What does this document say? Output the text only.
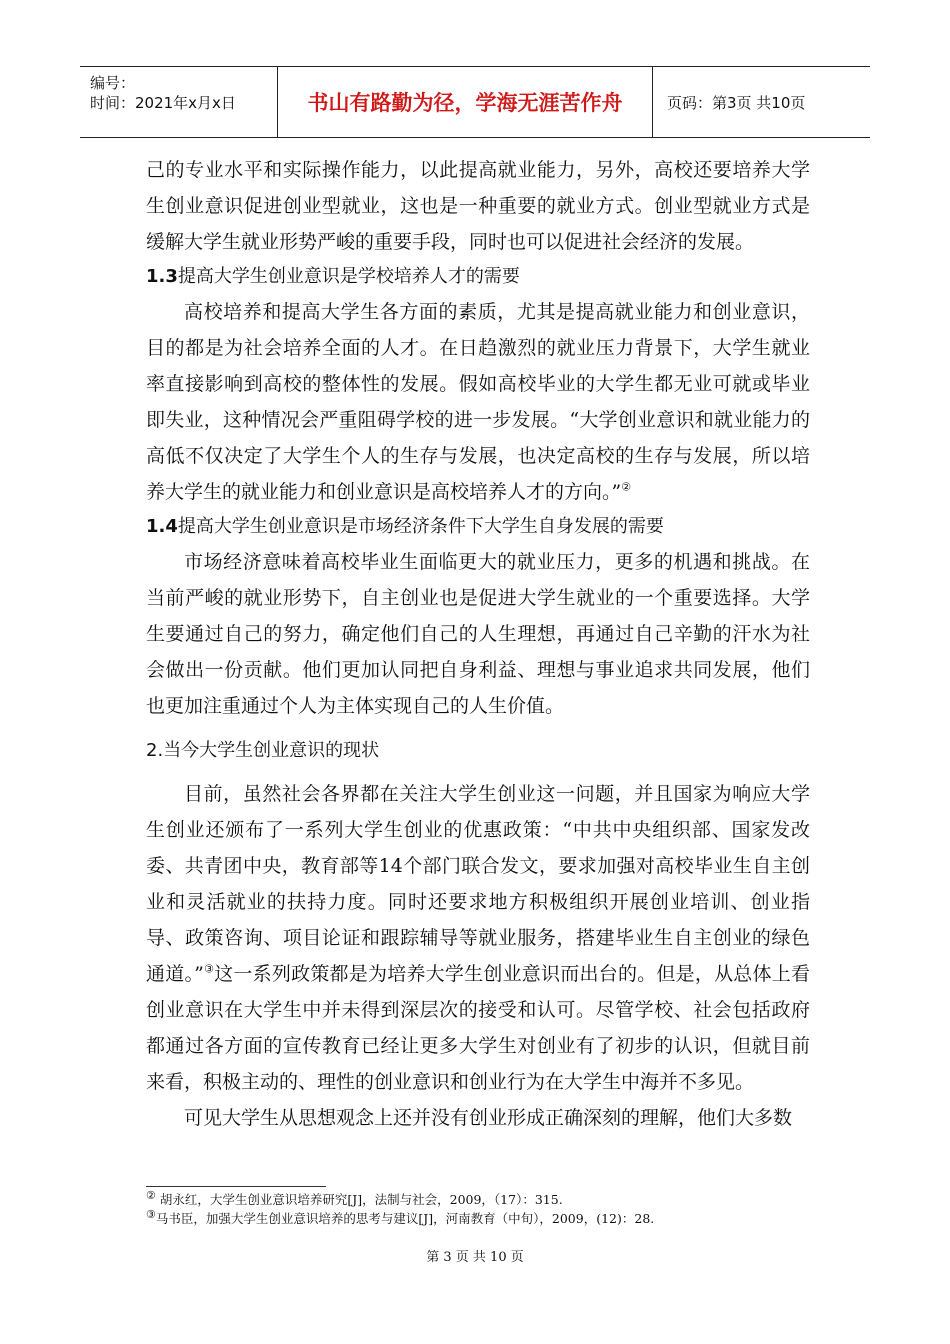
编号：
时间：2021年x月x日	书山有路勤为径，学海无涯苦作舟	页码：第3页 共10页

己的专业水平和实际操作能力，以此提高就业能力，另外，高校还要培养大学生创业意识促进创业型就业，这也是一种重要的就业方式。创业型就业方式是缓解大学生就业形势严峻的重要手段，同时也可以促进社会经济的发展。

1.3提高大学生创业意识是学校培养人才的需要

高校培养和提高大学生各方面的素质，尤其是提高就业能力和创业意识，目的都是为社会培养全面的人才。在日趋激烈的就业压力背景下，大学生就业率直接影响到高校的整体性的发展。假如高校毕业的大学生都无业可就或毕业即失业，这种情况会严重阻碍学校的进一步发展。“大学创业意识和就业能力的高低不仅决定了大学生个人的生存与发展，也决定高校的生存与发展，所以培养大学生的就业能力和创业意识是高校培养人才的方向。”②

1.4提高大学生创业意识是市场经济条件下大学生自身发展的需要

市场经济意味着高校毕业生面临更大的就业压力，更多的机遇和挑战。在当前严峻的就业形势下，自主创业也是促进大学生就业的一个重要选择。大学生要通过自己的努力，确定他们自己的人生理想，再通过自己辛勤的汗水为社会做出一份贡献。他们更加认同把自身利益、理想与事业追求共同发展，他们也更加注重通过个人为主体实现自己的人生价值。

2.当今大学生创业意识的现状

目前，虽然社会各界都在关注大学生创业这一问题，并且国家为响应大学生创业还颁布了一系列大学生创业的优惠政策：“中共中央组织部、国家发改委、共青团中央，教育部等14个部门联合发文，要求加强对高校毕业生自主创业和灵活就业的扶持力度。同时还要求地方积极组织开展创业培训、创业指导、政策咨询、项目论证和跟踪辅导等就业服务，搭建毕业生自主创业的绿色通道。”③这一系列政策都是为培养大学生创业意识而出台的。但是，从总体上看创业意识在大学生中并未得到深层次的接受和认可。尽管学校、社会包括政府都通过各方面的宣传教育已经让更多大学生对创业有了初步的认识，但就目前来看，积极主动的、理性的创业意识和创业行为在大学生中海并不多见。

可见大学生从思想观念上还并没有创业形成正确深刻的理解，他们大多数

② 胡永红，大学生创业意识培养研究[J]，法制与社会，2009，（17）：315.
③马书臣，加强大学生创业意识培养的思考与建议[J]，河南教育（中旬），2009，(12)：28.
第 3 页 共 10 页
